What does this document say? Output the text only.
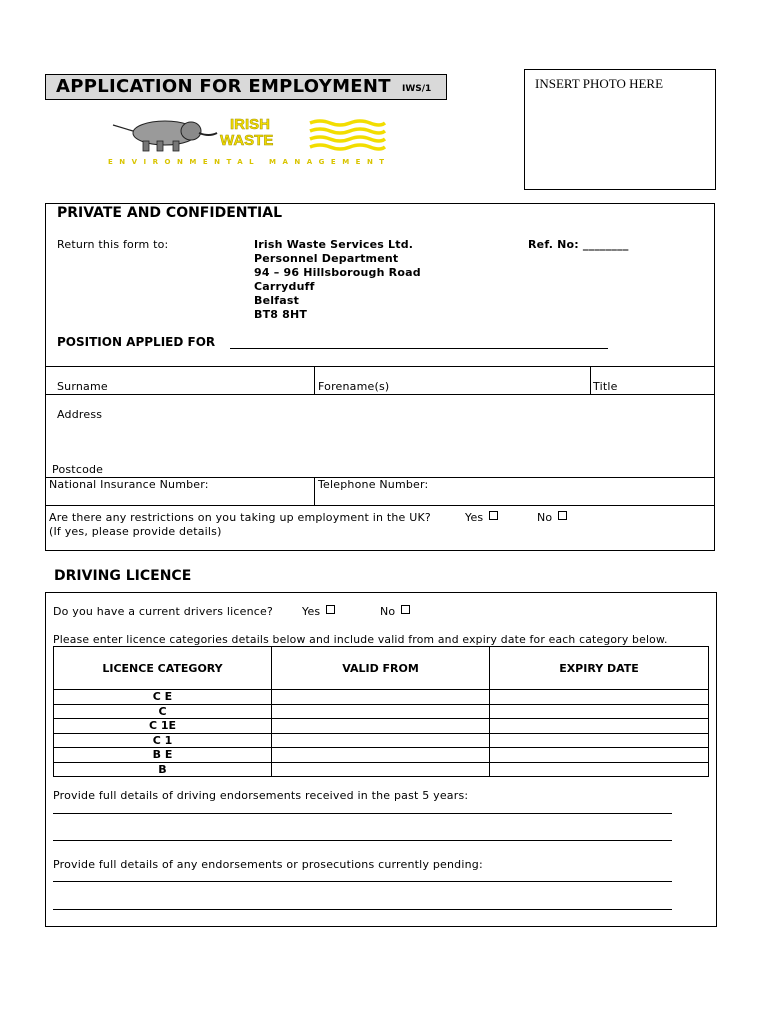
APPLICATION FOR EMPLOYMENT IWS/1	INSERT PHOTO HERE
IRISH
WASTE
ENVIRONMENTAL MANAGEMENT
PRIVATE AND CONFIDENTIAL
Return this form to:	Irish Waste Services Ltd.
Personnel Department
94 – 96 Hillsborough Road
Carryduff
Belfast
BT8 8HT
Ref. No: ________
POSITION APPLIED FOR
Surname	Forename(s)	Title
Address
Postcode
National Insurance Number:	Telephone Number:
Are there any restrictions on you taking up employment in the UK?
(If yes, please provide details)
Yes	No
DRIVING LICENCE
Do you have a current drivers licence?	Yes	No
Please enter licence categories details below and include valid from and expiry date for each category below.
LICENCE CATEGORY	VALID FROM	EXPIRY DATE
C E		
C		
C 1E		
C 1		
B E		
B		
Provide full details of driving endorsements received in the past 5 years:
Provide full details of any endorsements or prosecutions currently pending:
